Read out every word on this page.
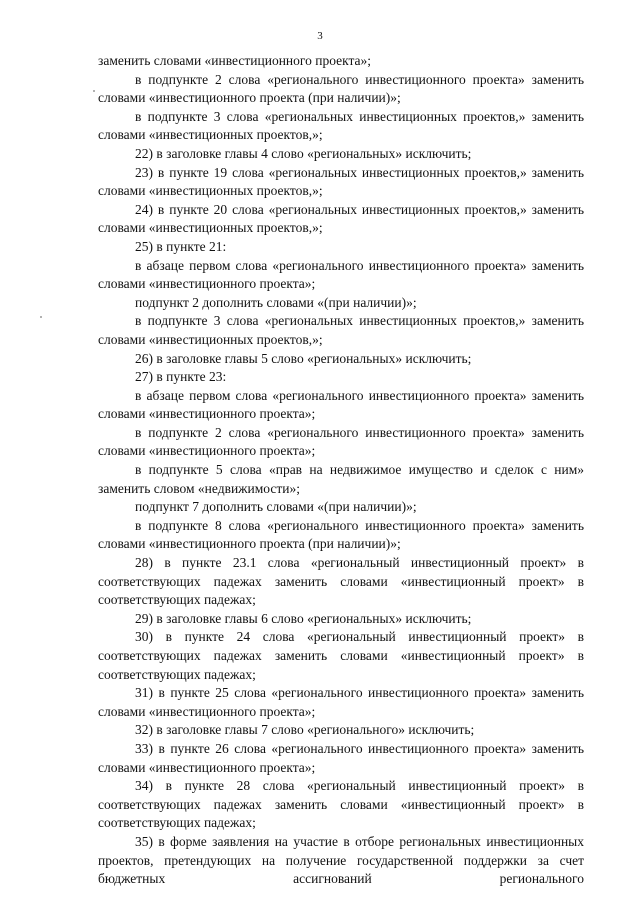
3

заменить словами «инвестиционного проекта»;

в подпункте 2 слова «регионального инвестиционного проекта» заменить словами «инвестиционного проекта (при наличии)»;

в подпункте 3 слова «региональных инвестиционных проектов,» заменить словами «инвестиционных проектов,»;

22) в заголовке главы 4 слово «региональных» исключить;

23) в пункте 19 слова «региональных инвестиционных проектов,» заменить словами «инвестиционных проектов,»;

24) в пункте 20 слова «региональных инвестиционных проектов,» заменить словами «инвестиционных проектов,»;

25) в пункте 21:

в абзаце первом слова «регионального инвестиционного проекта» заменить словами «инвестиционного проекта»;

подпункт 2 дополнить словами «(при наличии)»;

в подпункте 3 слова «региональных инвестиционных проектов,» заменить словами «инвестиционных проектов,»;

26) в заголовке главы 5 слово «региональных» исключить;

27) в пункте 23:

в абзаце первом слова «регионального инвестиционного проекта» заменить словами «инвестиционного проекта»;

в подпункте 2 слова «регионального инвестиционного проекта» заменить словами «инвестиционного проекта»;

в подпункте 5 слова «прав на недвижимое имущество и сделок с ним» заменить словом «недвижимости»;

подпункт 7 дополнить словами «(при наличии)»;

в подпункте 8 слова «регионального инвестиционного проекта» заменить словами «инвестиционного проекта (при наличии)»;

28) в пункте 23.1 слова «региональный инвестиционный проект» в соответствующих падежах заменить словами «инвестиционный проект» в соответствующих падежах;

29) в заголовке главы 6 слово «региональных» исключить;

30) в пункте 24 слова «региональный инвестиционный проект» в соответствующих падежах заменить словами «инвестиционный проект» в соответствующих падежах;

31) в пункте 25 слова «регионального инвестиционного проекта» заменить словами «инвестиционного проекта»;

32) в заголовке главы 7 слово «регионального» исключить;

33) в пункте 26 слова «регионального инвестиционного проекта» заменить словами «инвестиционного проекта»;

34) в пункте 28 слова «региональный инвестиционный проект» в соответствующих падежах заменить словами «инвестиционный проект» в соответствующих падежах;

35) в форме заявления на участие в отборе региональных инвестиционных проектов, претендующих на получение государственной поддержки за счет бюджетных ассигнований регионального
